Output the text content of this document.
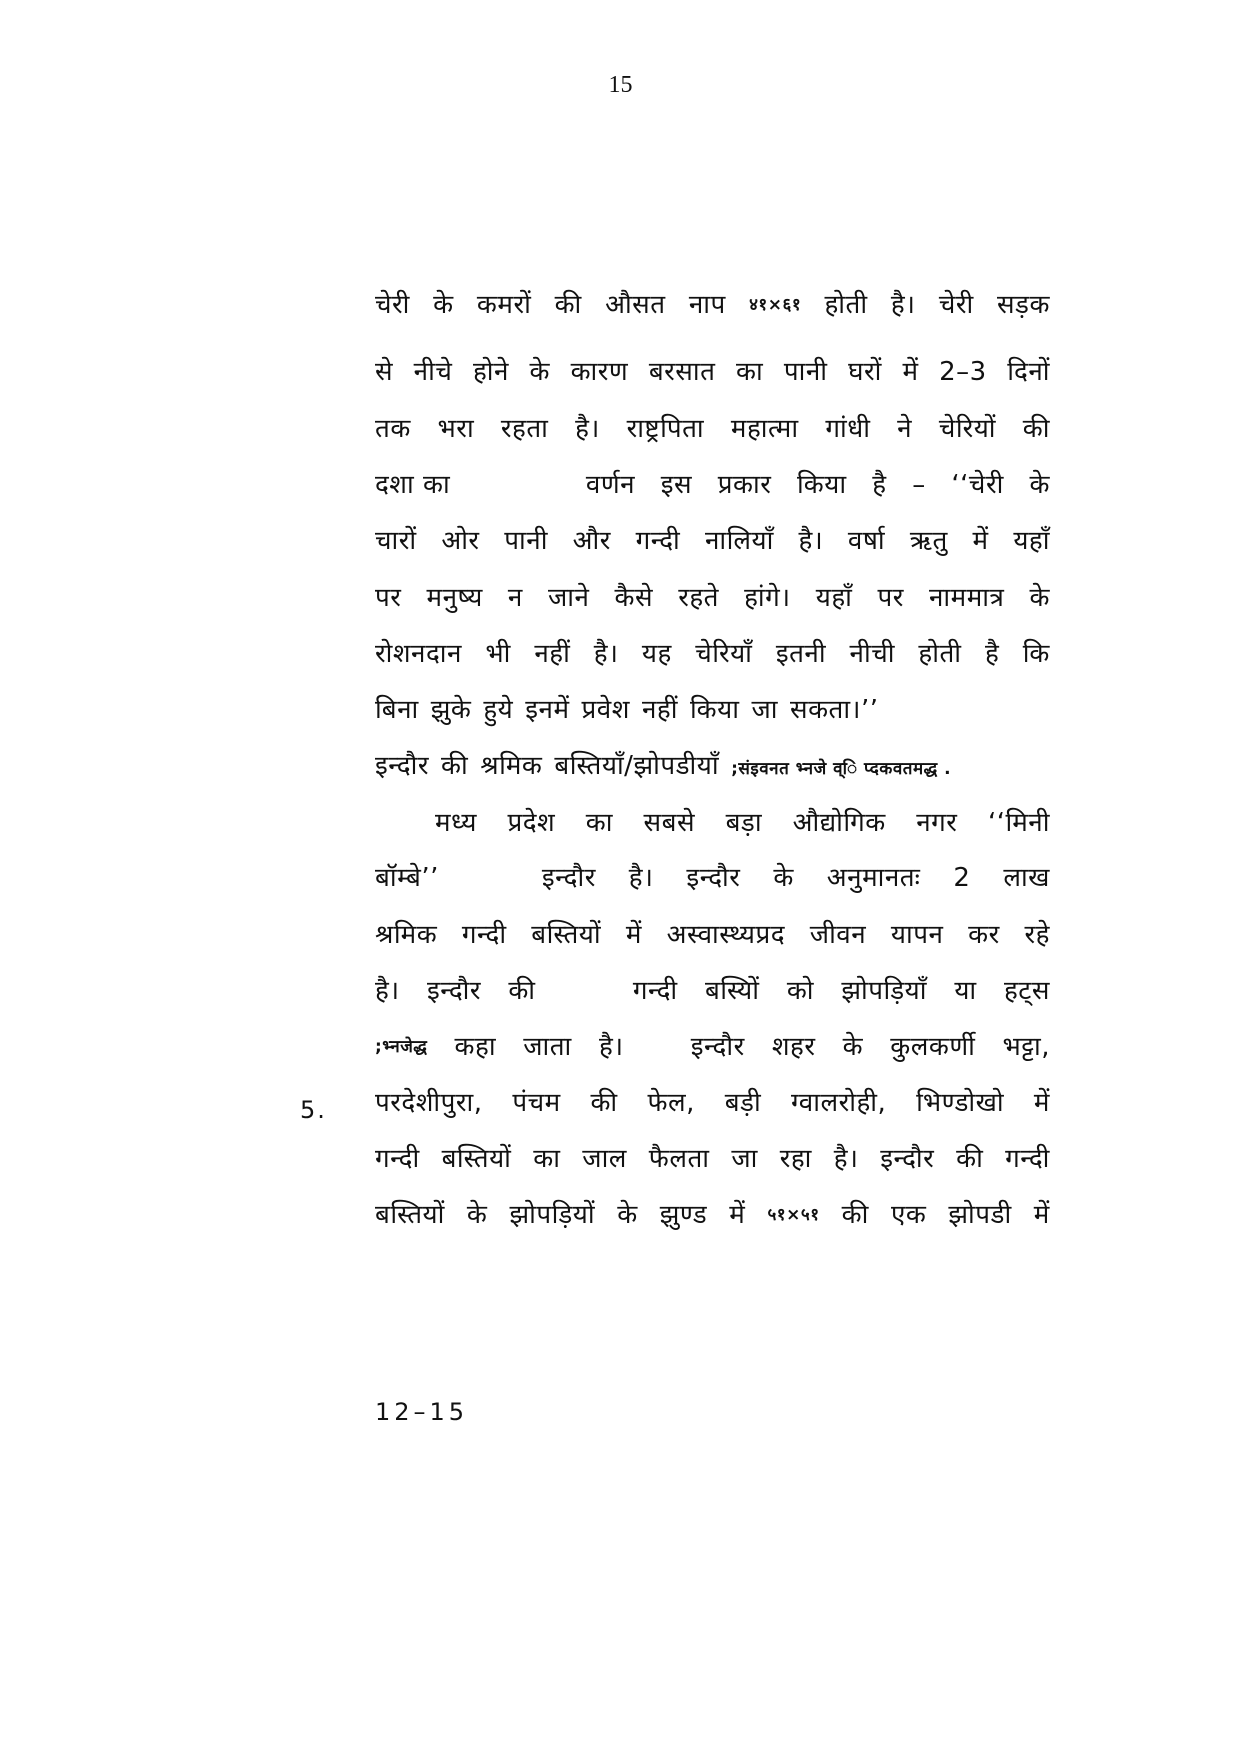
15
5.
चेरी के कमरों की औसत नाप ४१×६१ होती है। चेरी सड़क
से नीचे होने के कारण बरसात का पानी घरों में 2–3 दिनों
तक भरा रहता है। राष्ट्रपिता महात्मा गांधी ने चेरियों की
दशा का	वर्णन इस प्रकार किया है – ‘‘चेरी के
चारों ओर पानी और गन्दी नालियाँ है। वर्षा ऋतु में यहाँ
पर मनुष्य न जाने कैसे रहते हांगे। यहाँ पर नाममात्र के
रोशनदान भी नहीं है। यह चेरियाँ इतनी नीची होती है कि
बिना झुके हुये इनमें प्रवेश नहीं किया जा सकता।’’
इन्दौर की श्रमिक बस्तियाँ/झोपडीयाँ ;संइवनत भ्नजे व्ि प्दकवतमद्ध .
मध्य प्रदेश का सबसे बड़ा औद्योगिक नगर ‘‘मिनी
बॉम्बे’’	इन्दौर है। इन्दौर के अनुमानतः 2 लाख
श्रमिक गन्दी बस्तियों में अस्वास्थ्यप्रद जीवन यापन कर रहे
है। इन्दौर की	गन्दी बस्यिों को झोपड़ियाँ या हट्स
;भ्नजेद्ध कहा जाता है।	इन्दौर शहर के कुलकर्णी भट्टा,
परदेशीपुरा, पंचम की फेल, बड़ी ग्वालरोही, भिण्डोखो में
गन्दी बस्तियों का जाल फैलता जा रहा है। इन्दौर की गन्दी
बस्तियों के झोपड़ियों के झुण्ड में ५१×५१ की एक झोपडी में
12–15
